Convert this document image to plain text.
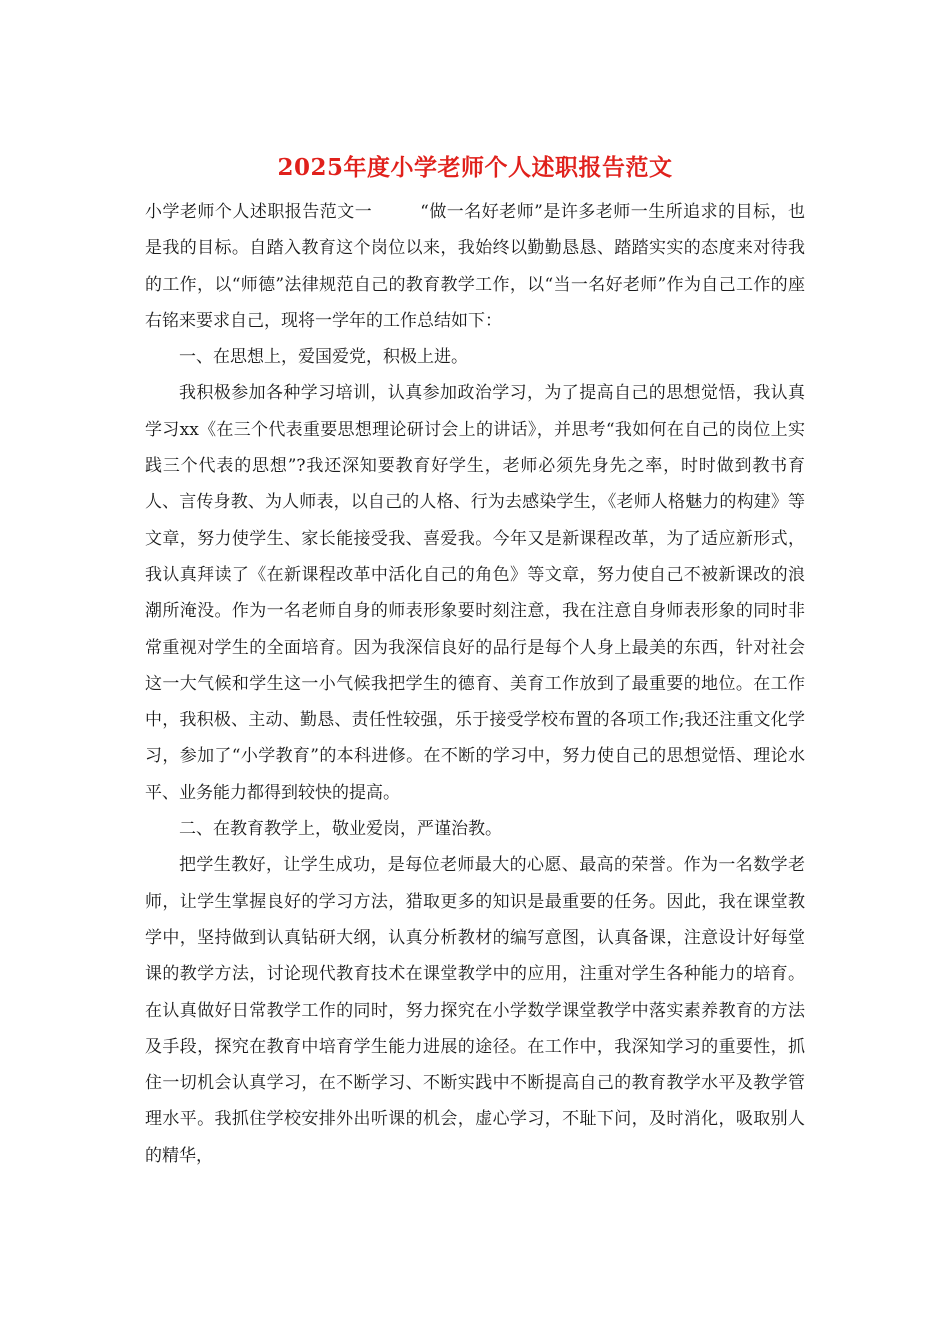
2025年度小学老师个人述职报告范文

小学老师个人述职报告范文一	“做一名好老师”是许多老师一生所追求的目标，也是我的目标。自踏入教育这个岗位以来，我始终以勤勤恳恳、踏踏实实的态度来对待我的工作，以“师德”法律规范自己的教育教学工作，以“当一名好老师”作为自己工作的座右铭来要求自己，现将一学年的工作总结如下：

一、在思想上，爱国爱党，积极上进。

我积极参加各种学习培训，认真参加政治学习，为了提高自己的思想觉悟，我认真学习xx《在三个代表重要思想理论研讨会上的讲话》，并思考“我如何在自己的岗位上实践三个代表的思想”?我还深知要教育好学生，老师必须先身先之率，时时做到教书育人、言传身教、为人师表，以自己的人格、行为去感染学生，《老师人格魅力的构建》等文章，努力使学生、家长能接受我、喜爱我。今年又是新课程改革，为了适应新形式，我认真拜读了《在新课程改革中活化自己的角色》等文章，努力使自己不被新课改的浪潮所淹没。作为一名老师自身的师表形象要时刻注意，我在注意自身师表形象的同时非常重视对学生的全面培育。因为我深信良好的品行是每个人身上最美的东西，针对社会这一大气候和学生这一小气候我把学生的德育、美育工作放到了最重要的地位。在工作中，我积极、主动、勤恳、责任性较强，乐于接受学校布置的各项工作;我还注重文化学习，参加了“小学教育”的本科进修。在不断的学习中，努力使自己的思想觉悟、理论水平、业务能力都得到较快的提高。

二、在教育教学上，敬业爱岗，严谨治教。

把学生教好，让学生成功，是每位老师最大的心愿、最高的荣誉。作为一名数学老师，让学生掌握良好的学习方法，猎取更多的知识是最重要的任务。因此，我在课堂教学中，坚持做到认真钻研大纲，认真分析教材的编写意图，认真备课，注意设计好每堂课的教学方法，讨论现代教育技术在课堂教学中的应用，注重对学生各种能力的培育。在认真做好日常教学工作的同时，努力探究在小学数学课堂教学中落实素养教育的方法及手段，探究在教育中培育学生能力进展的途径。在工作中，我深知学习的重要性，抓住一切机会认真学习，在不断学习、不断实践中不断提高自己的教育教学水平及教学管理水平。我抓住学校安排外出听课的机会，虚心学习，不耻下问，及时消化，吸取别人的精华，
